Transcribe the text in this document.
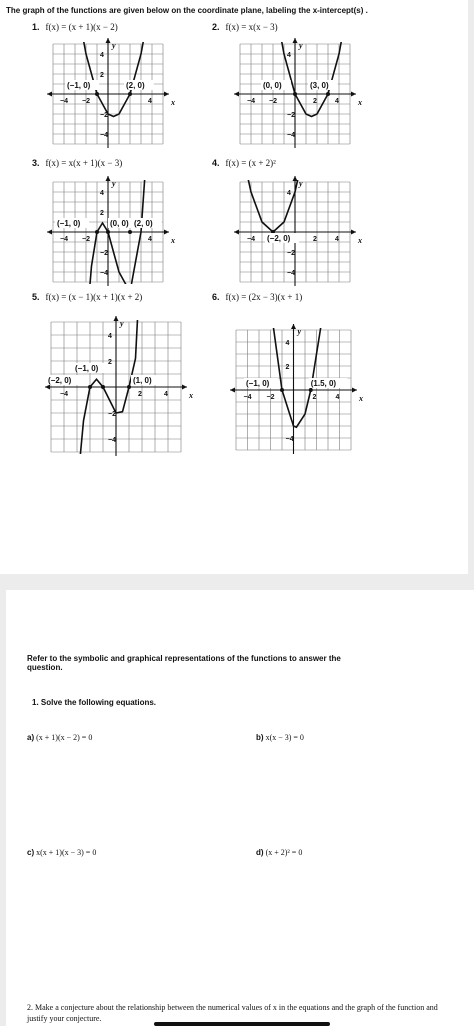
The graph of the functions are given below on the coordinate plane, labeling the x-intercept(s) .
1. f(x) = (x + 1)(x − 2)	2. f(x) = x(x − 3)
3. f(x) = x(x + 1)(x − 3)	4. f(x) = (x + 2)²
5. f(x) = (x − 1)(x + 1)(x + 2)	6. f(x) = (2x − 3)(x + 1)
x
y
−4 −2	4
4
2
−2
−4
(−1, 0)	(2, 0)
x
y
−4 −2	2	4
4
−2
−4
(0, 0)	(3, 0)
x
y
−4 −2	4
4
2
−2
−4
(−1, 0)	(0, 0) (2, 0)
x
y
−4	2	4
4
−2
−4
(−2, 0)
x
y
−4	2	4
4
2
−2
−4
(−1, 0)
(−2, 0)	(1, 0)
x
y
−4 −2	2	4
4
2
−4
(−1, 0)	(1.5, 0)
Refer to the symbolic and graphical representations of the functions to answer the question.
1. Solve the following equations.
a) (x + 1)(x − 2) = 0	b) x(x − 3) = 0
c) x(x + 1)(x − 3) = 0	d) (x + 2)² = 0
2. Make a conjecture about the relationship between the numerical values of x in the equations and the graph of the function and justify your conjecture.
